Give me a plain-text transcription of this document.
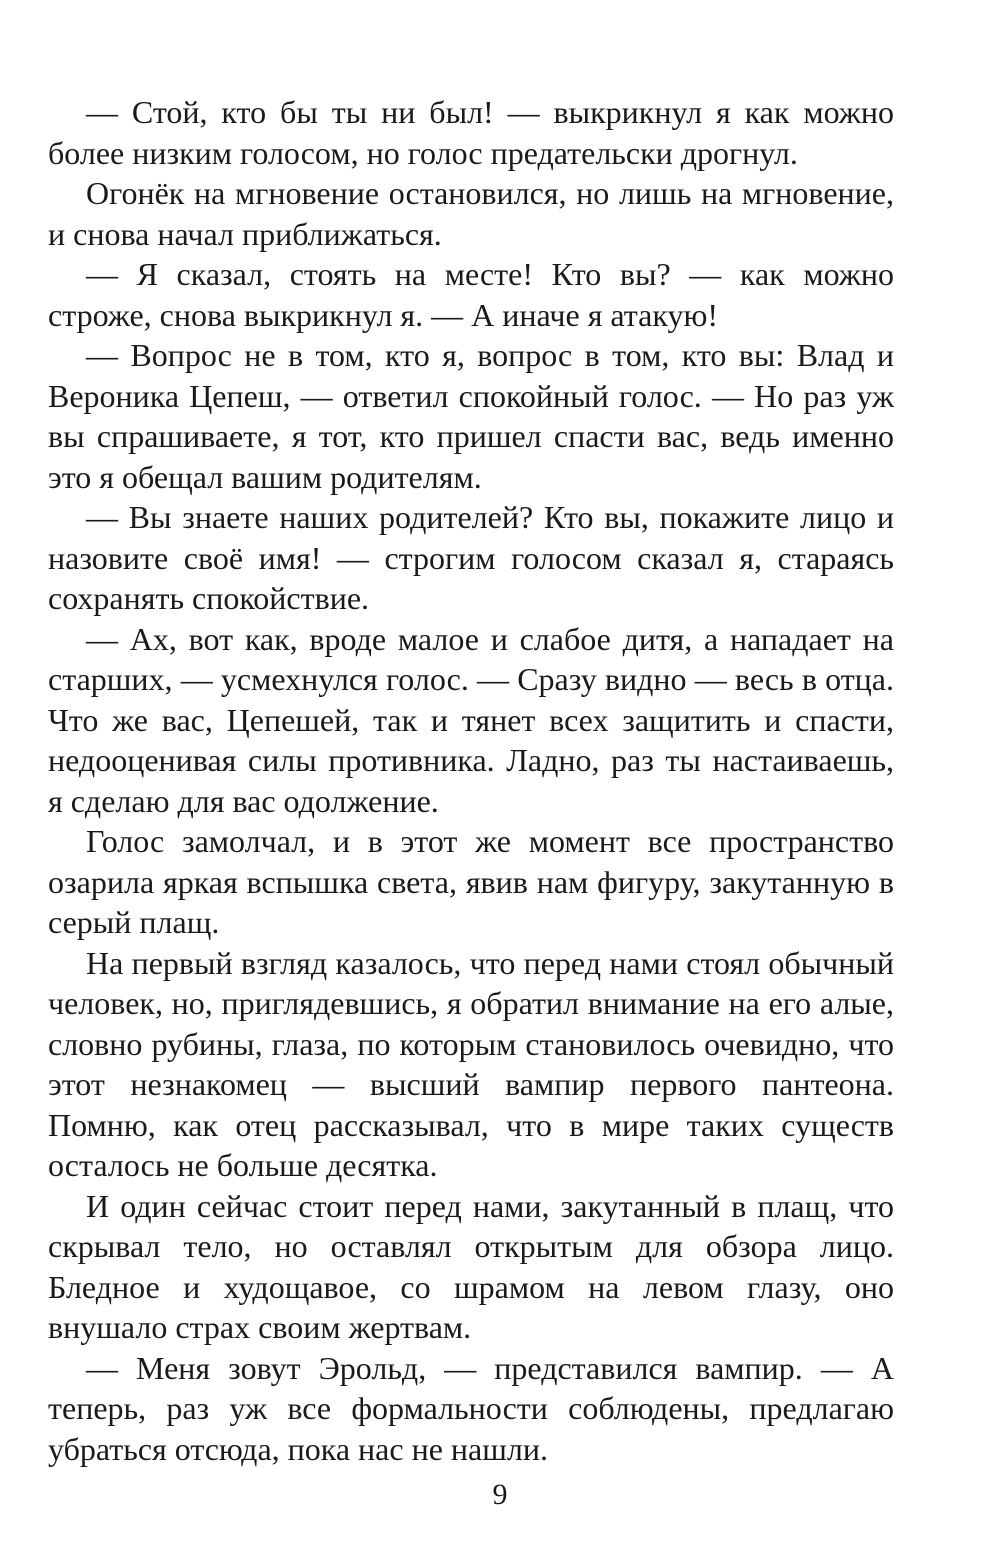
— Стой, кто бы ты ни был! — выкрикнул я как можно более низким голосом, но голос предательски дрогнул.

Огонёк на мгновение остановился, но лишь на мгновение, и снова начал приближаться.

— Я сказал, стоять на месте! Кто вы? — как можно строже, снова выкрикнул я. — А иначе я атакую!

— Вопрос не в том, кто я, вопрос в том, кто вы: Влад и Вероника Цепеш, — ответил спокойный голос. — Но раз уж вы спрашиваете, я тот, кто пришел спасти вас, ведь именно это я обещал вашим родителям.

— Вы знаете наших родителей? Кто вы, покажите лицо и назовите своё имя! — строгим голосом сказал я, стараясь сохранять спокойствие.

— Ах, вот как, вроде малое и слабое дитя, а нападает на старших, — усмехнулся голос. — Сразу видно — весь в отца. Что же вас, Цепешей, так и тянет всех защитить и спасти, недооценивая силы противника. Ладно, раз ты настаиваешь, я сделаю для вас одолжение.

Голос замолчал, и в этот же момент все пространство озарила яркая вспышка света, явив нам фигуру, закутанную в серый плащ.

На первый взгляд казалось, что перед нами стоял обычный человек, но, приглядевшись, я обратил внимание на его алые, словно рубины, глаза, по которым становилось очевидно, что этот незнакомец — высший вампир первого пантеона. Помню, как отец рассказывал, что в мире таких существ осталось не больше десятка.

И один сейчас стоит перед нами, закутанный в плащ, что скрывал тело, но оставлял открытым для обзора лицо. Бледное и худощавое, со шрамом на левом глазу, оно внушало страх своим жертвам.

— Меня зовут Эрольд, — представился вампир. — А теперь, раз уж все формальности соблюдены, предлагаю убраться отсюда, пока нас не нашли.

9
